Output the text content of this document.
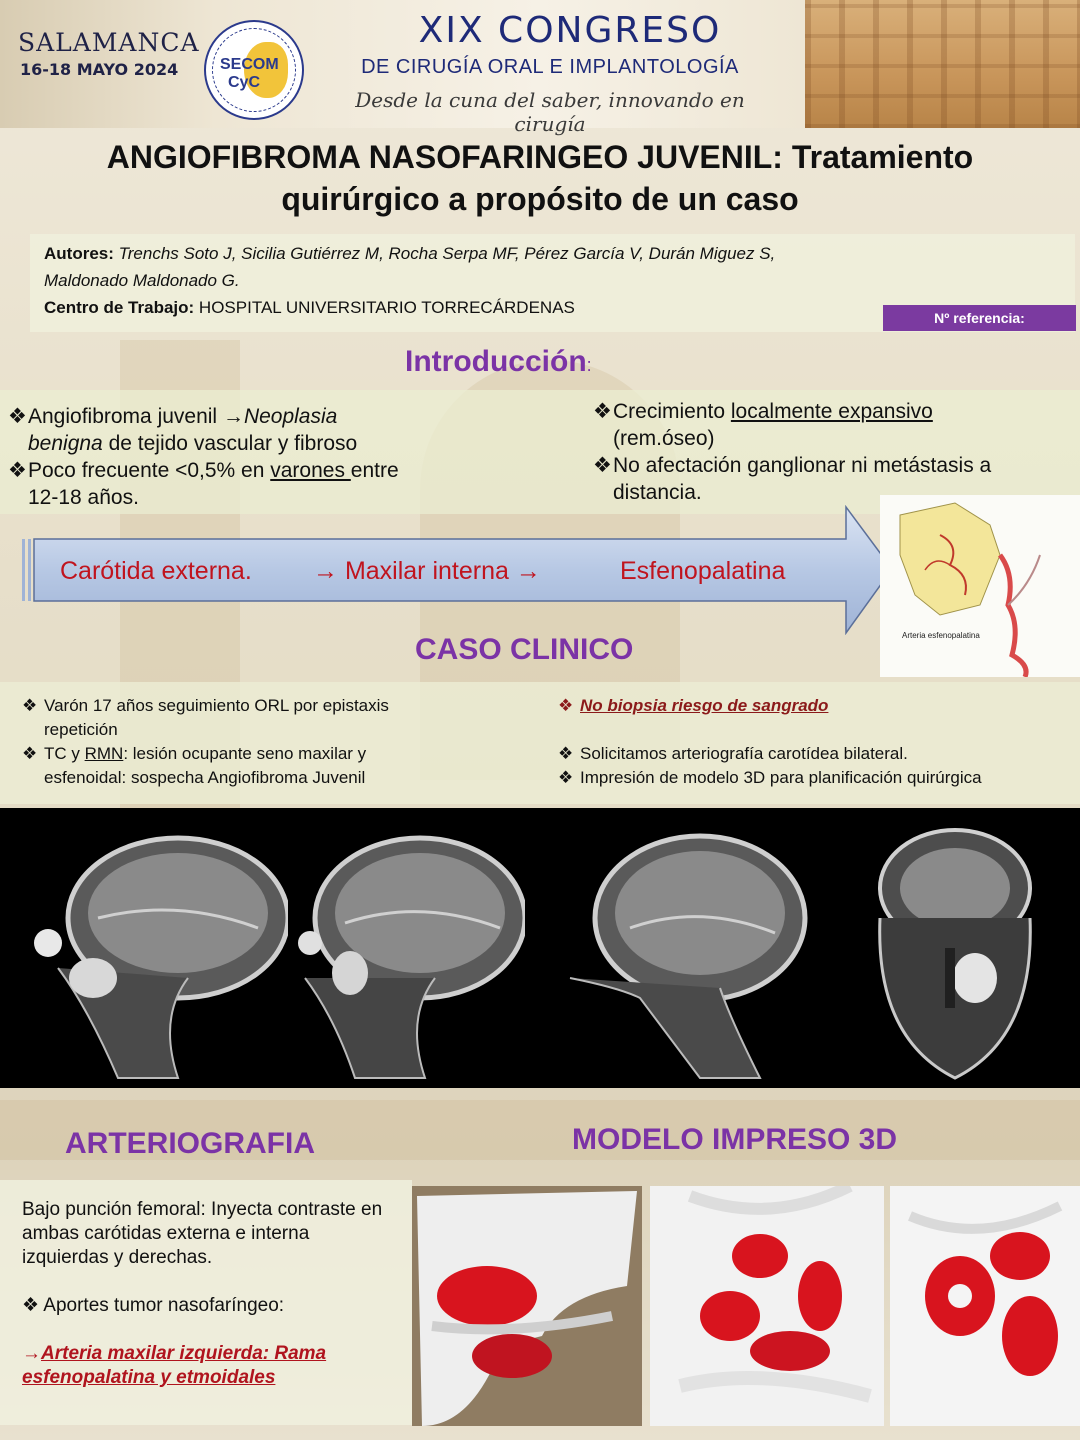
SALAMANCA
16-18 MAYO 2024	SECOM
CyC
XIX CONGRESO
DE CIRUGÍA ORAL E IMPLANTOLOGÍA
Desde la cuna del saber, innovando en cirugía
ANGIOFIBROMA NASOFARINGEO JUVENIL: Tratamiento
quirúrgico a propósito de un caso
Autores: Trenchs Soto J, Sicilia Gutiérrez M, Rocha Serpa MF, Pérez García V, Durán Miguez S,
Maldonado Maldonado G.
Centro de Trabajo: HOSPITAL UNIVERSITARIO TORRECÁRDENAS
Nº referencia:
Introducción:
❖ Angiofibroma juvenil →Neoplasia
benigna de tejido vascular y fibroso
❖ Poco frecuente <0,5% en varones entre
12-18 años.
❖ Crecimiento localmente expansivo
(rem.óseo)
❖ No afectación ganglionar ni metástasis a
distancia.
Carótida externa. → Maxilar interna →	Esfenopalatina
Arteria esfenopalatina
CASO CLINICO
❖ Varón 17 años seguimiento ORL por epistaxis
repetición
❖ TC y RMN: lesión ocupante seno maxilar y
esfenoidal: sospecha Angiofibroma Juvenil
❖ No biopsia riesgo de sangrado
❖ Solicitamos arteriografía carotídea bilateral.
❖ Impresión de modelo 3D para planificación quirúrgica
ARTERIOGRAFIA	MODELO IMPRESO 3D

Bajo punción femoral: Inyecta contraste en ambas carótidas externa e interna izquierdas y derechas.

❖ Aportes tumor nasofaríngeo:

→Arteria maxilar izquierda: Rama esfenopalatina y etmoidales
